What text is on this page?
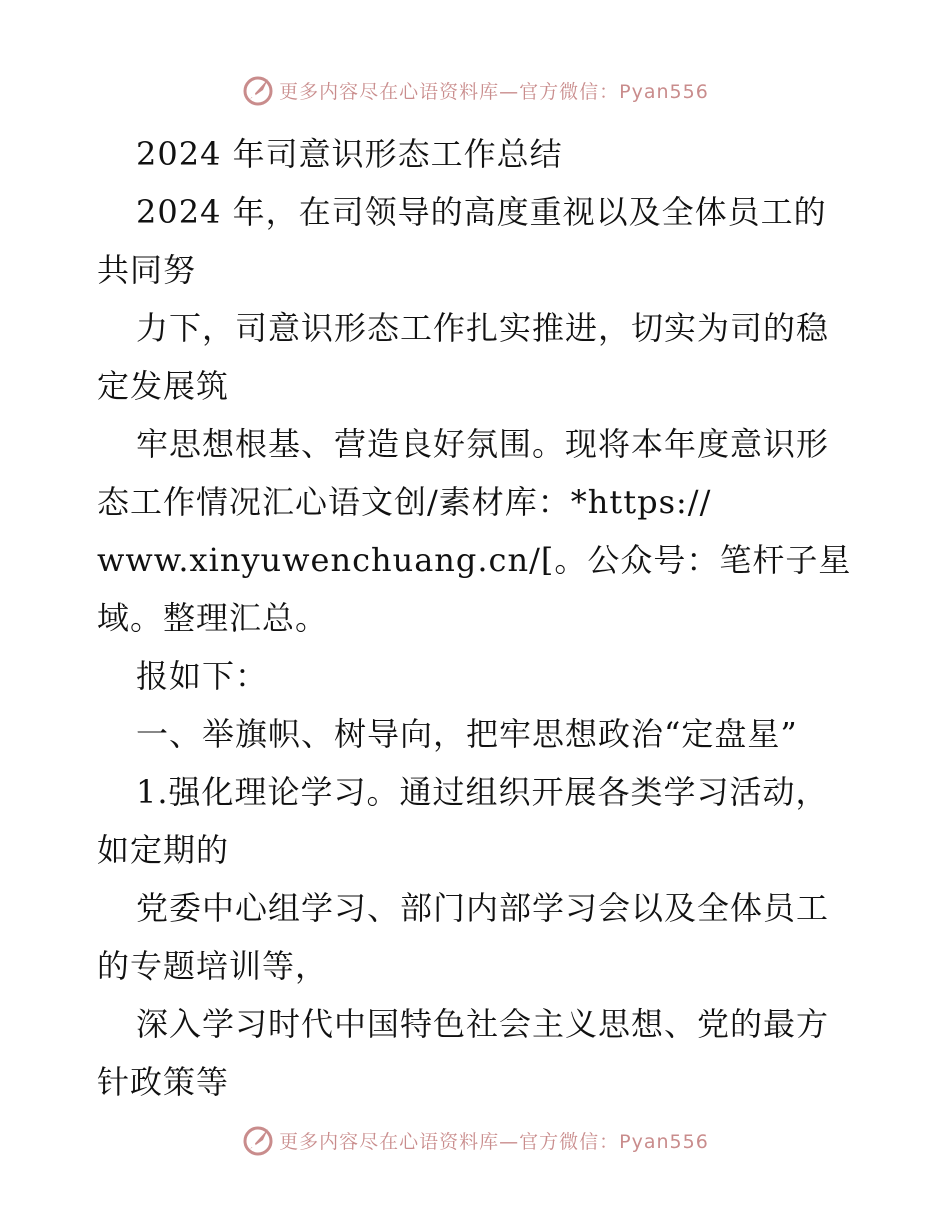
更多内容尽在心语资料库—官方微信：Pyan556
2024 年司意识形态工作总结
2024 年，在司领导的高度重视以及全体员工的
共同努
力下，司意识形态工作扎实推进，切实为司的稳
定发展筑
牢思想根基、营造良好氛围。现将本年度意识形
态工作情况汇心语文创/素材库：*https://
www.xinyuwenchuang.cn/[。公众号：笔杆子星
域。整理汇总。
报如下：
一、举旗帜、树导向，把牢思想政治“定盘星”
1.强化理论学习。通过组织开展各类学习活动，
如定期的
党委中心组学习、部门内部学习会以及全体员工
的专题培训等，
深入学习时代中国特色社会主义思想、党的最方
针政策等
更多内容尽在心语资料库—官方微信：Pyan556
